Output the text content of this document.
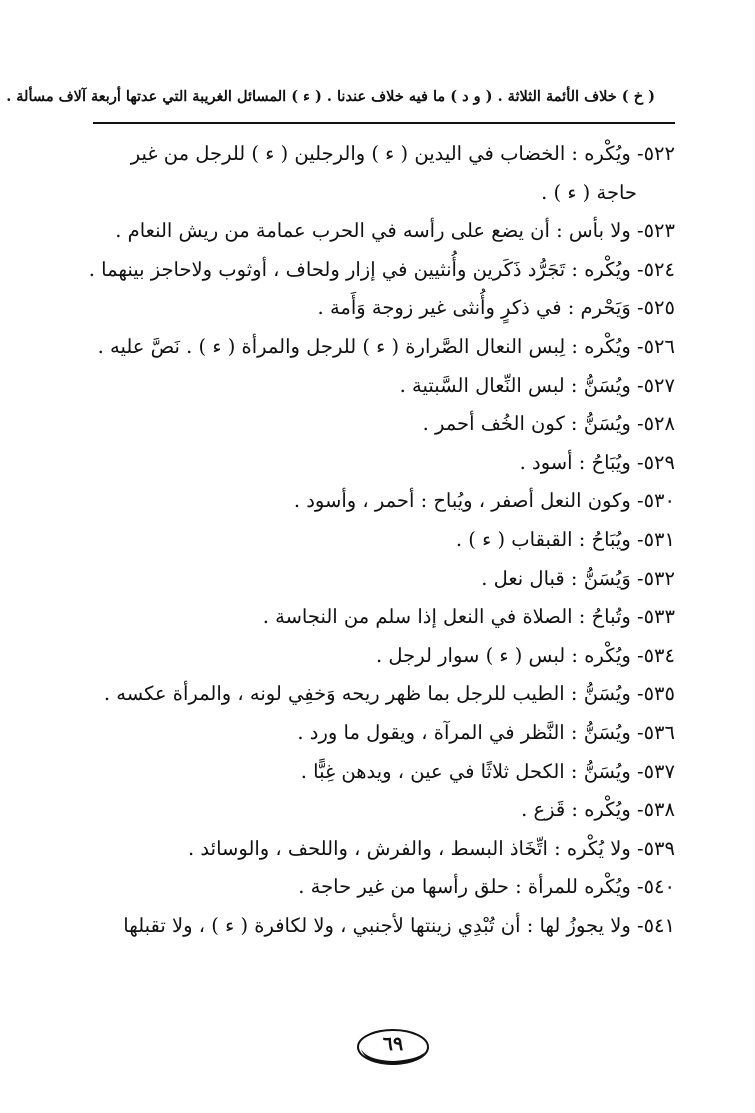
( خ ) خلاف الأئمة الثلاثة . ( و د ) ما فيه خلاف عندنا . ( ء ) المسائل الغريبة التي عدتها أربعة آلاف مسألة .

٥٢٢- ويُكْره : الخضاب في اليدين ( ء ) والرجلين ( ء ) للرجل من غير

حاجة ( ء ) .

٥٢٣- ولا بأس : أن يضع على رأسه في الحرب عمامة من ريش النعام .

٥٢٤- ويُكْره : تَجَرُّد ذَكَرين وأُنثيين في إزار ولحاف ، أوثوب ولاحاجز بينهما .

٥٢٥- وَيَحْرم : في ذكرٍ وأُنثى غير زوجة وَأَمة .

٥٢٦- ويُكْره : لِبس النعال الصَّرارة ( ء ) للرجل والمرأة ( ء ) . نَصَّ عليه .

٥٢٧- ويُسَنُّ : لبس النِّعال السَّبتية .

٥٢٨- ويُسَنُّ : كون الخُف أحمر .

٥٢٩- ويُبَاحُ : أسود .

٥٣٠- وكون النعل أصفر ، ويُباح : أحمر ، وأسود .

٥٣١- ويُبَاحُ : القبقاب ( ء ) .

٥٣٢- وَيُسَنُّ : قبال نعل .

٥٣٣- وتُباحُ : الصلاة في النعل إذا سلم من النجاسة .

٥٣٤- ويُكْره : لبس ( ء ) سوار لرجل .

٥٣٥- ويُسَنُّ : الطيب للرجل بما ظهر ريحه وَخفِي لونه ، والمرأة عكسه .

٥٣٦- ويُسَنُّ : النَّظر في المرآة ، ويقول ما ورد .

٥٣٧- ويُسَنُّ : الكحل ثلاثًا في عين ، ويدهن غِبًّا .

٥٣٨- ويُكْره : قَزع .

٥٣٩- ولا يُكْره : اتِّخَاذ البسط ، والفرش ، واللحف ، والوسائد .

٥٤٠- ويُكْره للمرأة : حلق رأسها من غير حاجة .

٥٤١- ولا يجوزُ لها : أن تُبْدِي زينتها لأجنبي ، ولا لكافرة ( ء ) ، ولا تقبلها

٦٩
